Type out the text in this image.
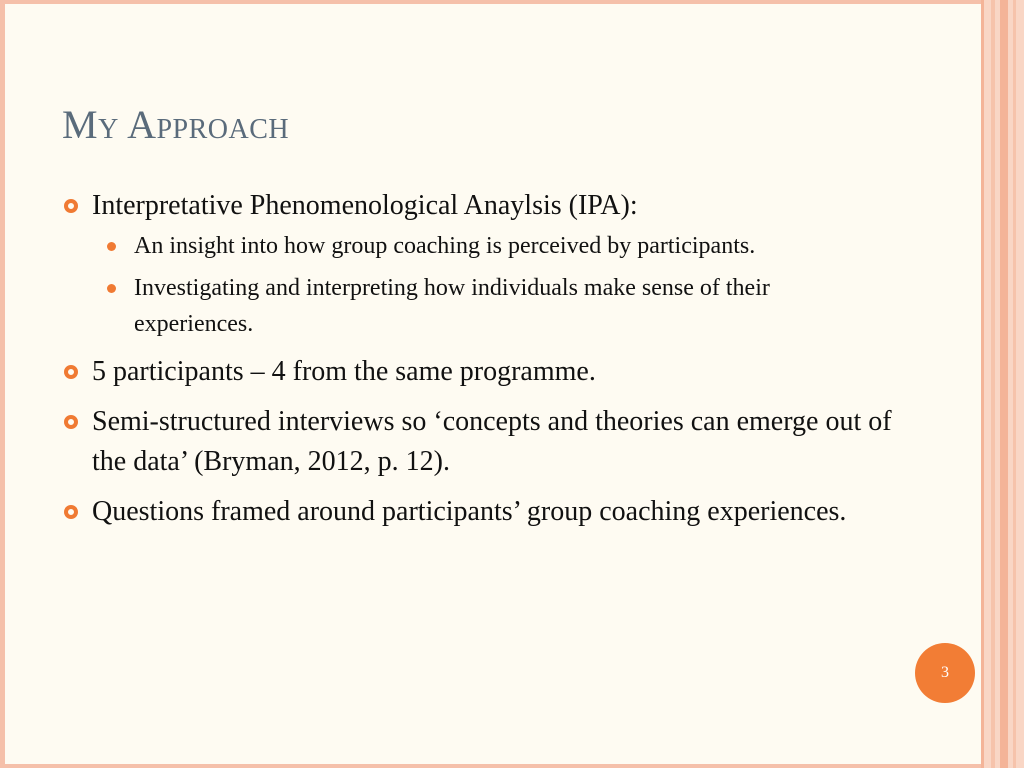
My Approach
Interpretative Phenomenological Anaylsis (IPA):
An insight into how group coaching is perceived by participants.
Investigating and interpreting how individuals make sense of their experiences.
5 participants – 4 from the same programme.
Semi-structured interviews so ‘concepts and theories can emerge out of the data’ (Bryman, 2012, p. 12).
Questions framed around participants’ group coaching experiences.
3
